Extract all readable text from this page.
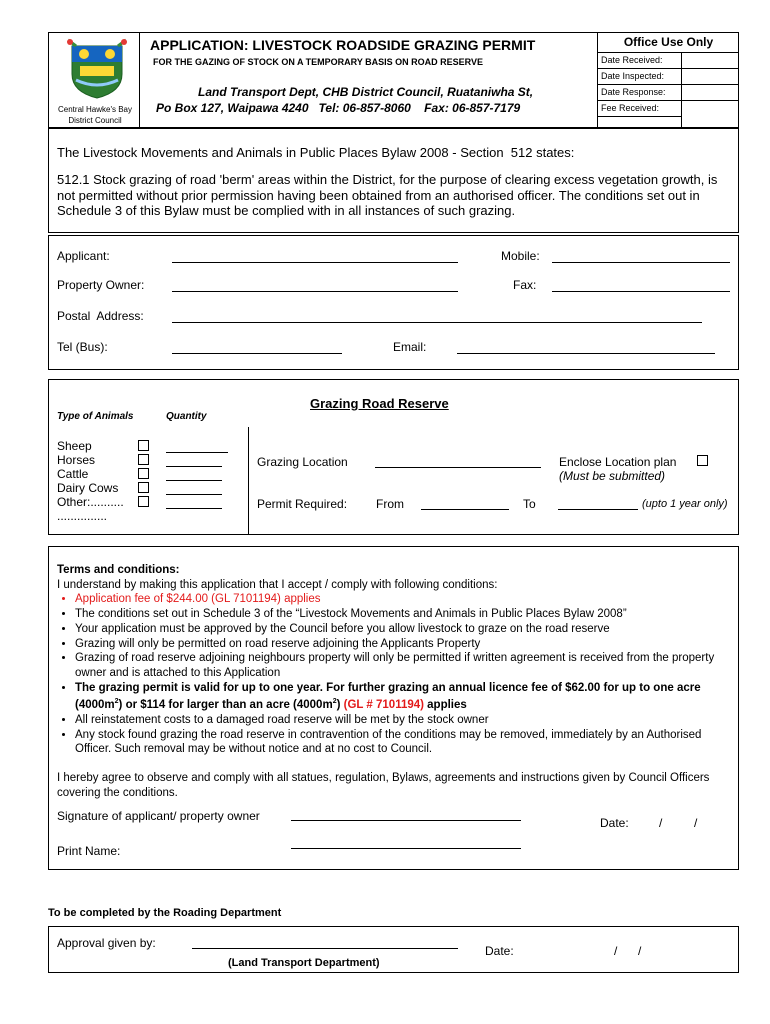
Central Hawke's Bay District Council
APPLICATION: LIVESTOCK ROADSIDE GRAZING PERMIT
FOR THE GAZING OF STOCK ON A TEMPORARY BASIS ON ROAD RESERVE
Land Transport Dept, CHB District Council, Ruataniwha St,
Po Box 127, Waipawa 4240   Tel: 06-857-8060    Fax: 06-857-7179
Office Use Only
Date Received:
Date Inspected:
Date Response:
Fee Received:
The Livestock Movements and Animals in Public Places Bylaw 2008 - Section  512 states:
512.1 Stock grazing of road 'berm' areas within the District, for the purpose of clearing excess vegetation growth, is not permitted without prior permission having been obtained from an authorised officer. The conditions set out in Schedule 3 of this Bylaw must be complied with in all instances of such grazing.
Applicant:	Mobile:
Property Owner:	Fax:
Postal  Address:
Tel (Bus):	Email:
Grazing Road Reserve
Type of Animals	Quantity
Sheep
Horses
Cattle
Dairy Cows
Other:..........
...............
Grazing Location	Enclose Location plan
(Must be submitted)
Permit Required: From	To	(upto 1 year only)
Terms and conditions:
I understand by making this application that I accept / comply with following conditions:
• Application fee of $244.00 (GL 7101194) applies
• The conditions set out in Schedule 3 of the “Livestock Movements and Animals in Public Places Bylaw 2008”
• Your application must be approved by the Council before you allow livestock to graze on the road reserve
• Grazing will only be permitted on road reserve adjoining the Applicants Property
• Grazing of road reserve adjoining neighbours property will only be permitted if written agreement is received from the property owner and is attached to this Application
• The grazing permit is valid for up to one year. For further grazing an annual licence fee of $62.00 for up to one acre $(4000m^2)$ or $114 for larger than an acre $(4000m^2)$ (GL # 7101194) applies
• All reinstatement costs to a damaged road reserve will be met by the stock owner
• Any stock found grazing the road reserve in contravention of the conditions may be removed, immediately by an Authorised Officer. Such removal may be without notice and at no cost to Council.
I hereby agree to observe and comply with all statues, regulation, Bylaws, agreements and instructions given by Council Officers covering the conditions.
Signature of applicant/ property owner	Date:	/	/
Print Name:
To be completed by the Roading Department
Approval given by:
Date:	/ /
(Land Transport Department)
